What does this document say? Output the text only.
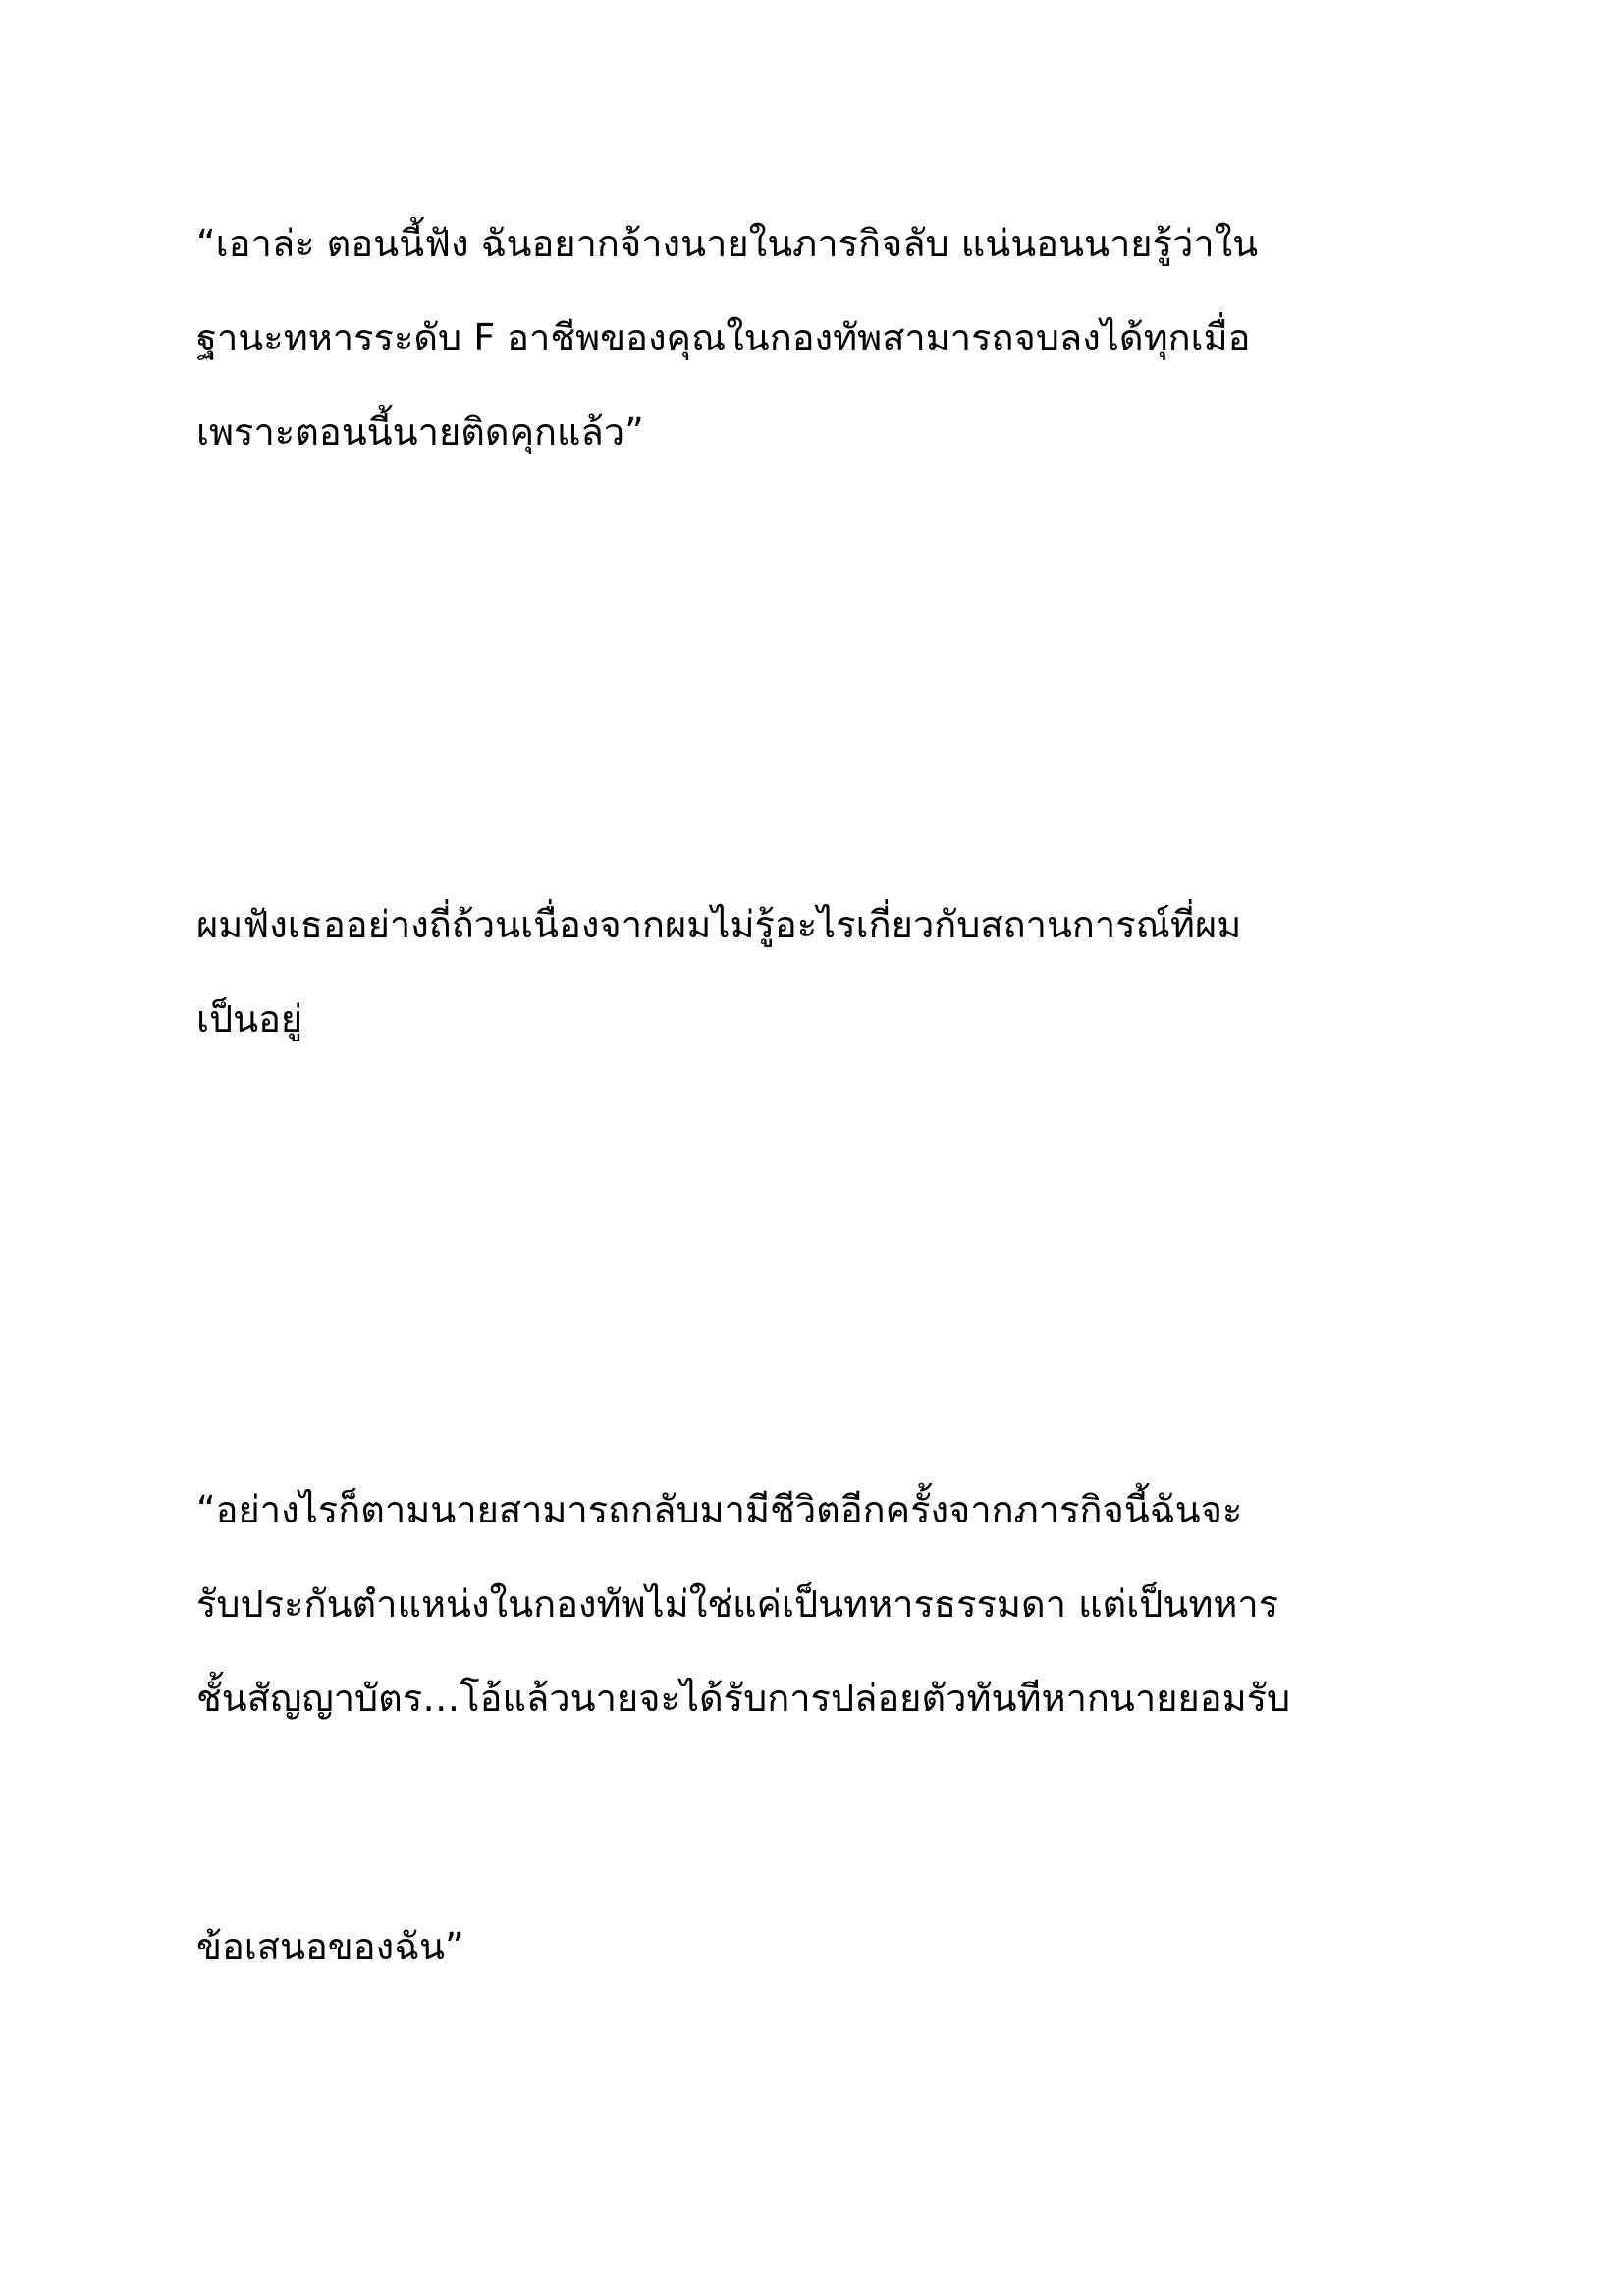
“เอาล่ะ ตอนนี้ฟัง ฉันอยากจ้างนายในภารกิจลับ แน่นอนนายรู้ว่าใน
ฐานะทหารระดับ F อาชีพของคุณในกองทัพสามารถจบลงได้ทุกเมื่อ
เพราะตอนนี้นายติดคุกแล้ว”

ผมฟังเธออย่างถี่ถ้วนเนื่องจากผมไม่รู้อะไรเกี่ยวกับสถานการณ์ที่ผม
เป็นอยู่

“อย่างไรก็ตามนายสามารถกลับมามีชีวิตอีกครั้งจากภารกิจนี้ฉันจะ
รับประกันตำแหน่งในกองทัพไม่ใช่แค่เป็นทหารธรรมดา แต่เป็นทหาร
ชั้นสัญญาบัตร…โอ้แล้วนายจะได้รับการปล่อยตัวทันทีหากนายยอมรับ

ข้อเสนอของฉัน”
